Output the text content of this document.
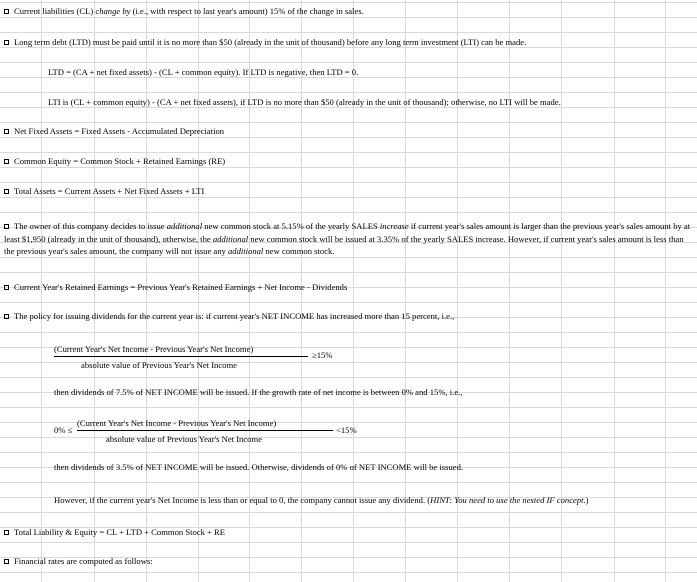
Current liabilities (CL) change by (i.e., with respect to last year's amount) 15% of the change in sales.
Long term debt (LTD) must be paid until it is no more than $50 (already in the unit of thousand) before any long term investment (LTI) can be made.
LTD = (CA + net fixed assets) - (CL + common equity). If LTD is negative, then LTD = 0.
LTI is (CL + common equity) - (CA + net fixed assets), if LTD is no more than $50 (already in the unit of thousand); otherwise, no LTI will be made.
Net Fixed Assets = Fixed Assets - Accumulated Depreciation
Common Equity = Common Stock + Retained Earnings (RE)
Total Assets = Current Assets + Net Fixed Assets + LTI
The owner of this company decides to issue additional new common stock at 5.15% of the yearly SALES increase if current year's sales amount is larger than the previous year's sales amount by at least $1,950 (already in the unit of thousand), otherwise, the additional new common stock will be issued at 3.35% of the yearly SALES increase. However, if current year's sales amount is less than the previous year's sales amount, the company will not issue any additional new common stock.
Current Year's Retained Earnings = Previous Year's Retained Earnings + Net Income - Dividends
The policy for issuing dividends for the current year is: if current year's NET INCOME has increased more than 15 percent, i.e.,
(Current Year's Net Income - Previous Year's Net Income)
absolute value of Previous Year's Net Income
≥15%
then dividends of 7.5% of NET INCOME will be issued. If the growth rate of net income is between 0% and 15%, i.e.,
0% ≤
(Current Year's Net Income - Previous Year's Net Income)
absolute value of Previous Year's Net Income
<15%
then dividends of 3.5% of NET INCOME will be issued. Otherwise, dividends of 0% of NET INCOME will be issued.
However, if the current year's Net Income is less than or equal to 0, the company cannot issue any dividend. (HINT: You need to use the nested IF concept.)
Total Liability & Equity = CL + LTD + Common Stock + RE
Financial rates are computed as follows:
